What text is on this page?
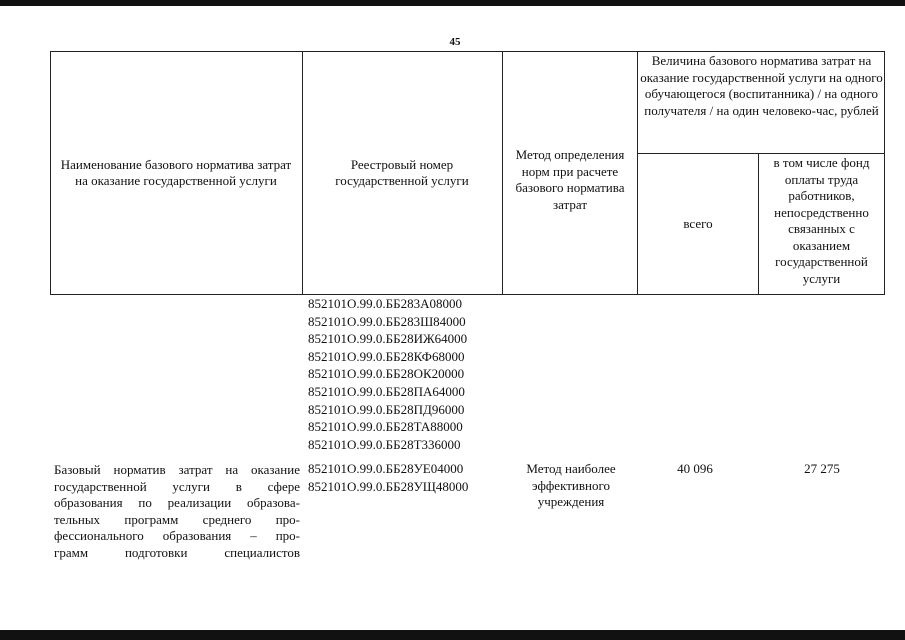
45
Наименование базового норматива затрат на оказание государственной услуги
Реестровый номер государственной услуги
Метод определения норм при расчете базового норматива затрат
Величина базового норматива затрат на оказание государственной услуги на одного обучающегося (воспитанника) / на одного получателя / на один человеко-час, рублей
всего
в том числе фонд оплаты труда работников, непосредственно связанных с оказанием государственной услуги
852101О.99.0.ББ283А08000
852101О.99.0.ББ283Ш84000
852101О.99.0.ББ28ИЖ64000
852101О.99.0.ББ28КФ68000
852101О.99.0.ББ28ОК20000
852101О.99.0.ББ28ПА64000
852101О.99.0.ББ28ПД96000
852101О.99.0.ББ28ТА88000
852101О.99.0.ББ28Т336000
Базовый норматив затрат на оказание
государственной услуги в сфере
образования по реализации образова-
тельных программ среднего про-
фессионального образования – про-
грамм подготовки специалистов
852101О.99.0.ББ28УЕ04000
852101О.99.0.ББ28УЩ48000
Метод наиболее эффективного учреждения
40 096	27 275
